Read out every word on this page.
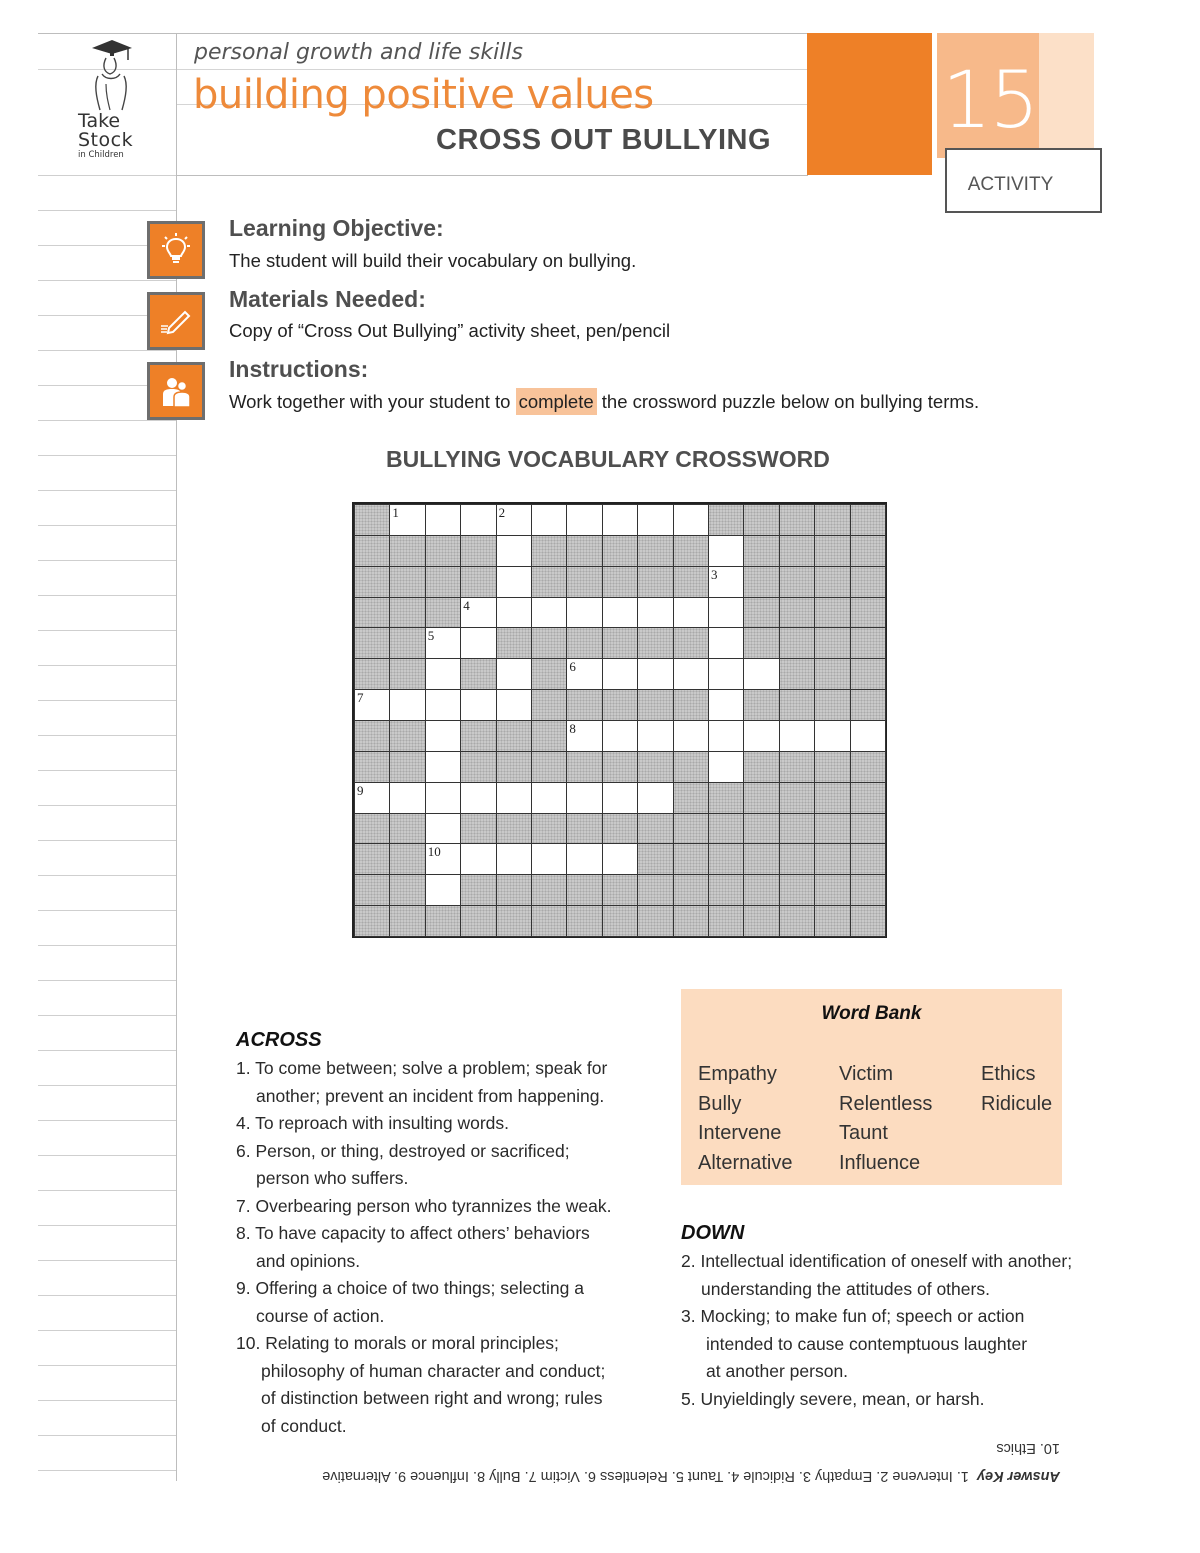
Take
Stock
in Children
personal growth and life skills
building positive values
CROSS OUT BULLYING 15
ACTIVITY
Learning Objective:
The student will build their vocabulary on bullying.
Materials Needed:
Copy of “Cross Out Bullying” activity sheet, pen/pencil
Instructions:
Work together with your student to complete the crossword puzzle below on bullying terms.
BULLYING VOCABULARY CROSSWORD
1	2
3
4
5
6
7
8
9
10
ACROSS
1. To come between; solve a problem; speak for
another; prevent an incident from happening.
4. To reproach with insulting words.
6. Person, or thing, destroyed or sacrificed;
person who suffers.
7. Overbearing person who tyrannizes the weak.
8. To have capacity to affect others’ behaviors
and opinions.
9. Offering a choice of two things; selecting a
course of action.
10. Relating to morals or moral principles;
philosophy of human character and conduct;
of distinction between right and wrong; rules
of conduct.
Word Bank
Empathy
Bully
Intervene
Alternative
Victim
Relentless
Taunt
Influence
Ethics
Ridicule
DOWN
2. Intellectual identification of oneself with another;
understanding the attitudes of others.
3. Mocking; to make fun of; speech or action
intended to cause contemptuous laughter
at another person.
5. Unyieldingly severe, mean, or harsh.
Answer Key  1. Intervene 2. Empathy 3. Ridicule 4. Taunt 5. Relentless 6. Victim 7. Bully 8. Influence 9. Alternative
10. Ethics
